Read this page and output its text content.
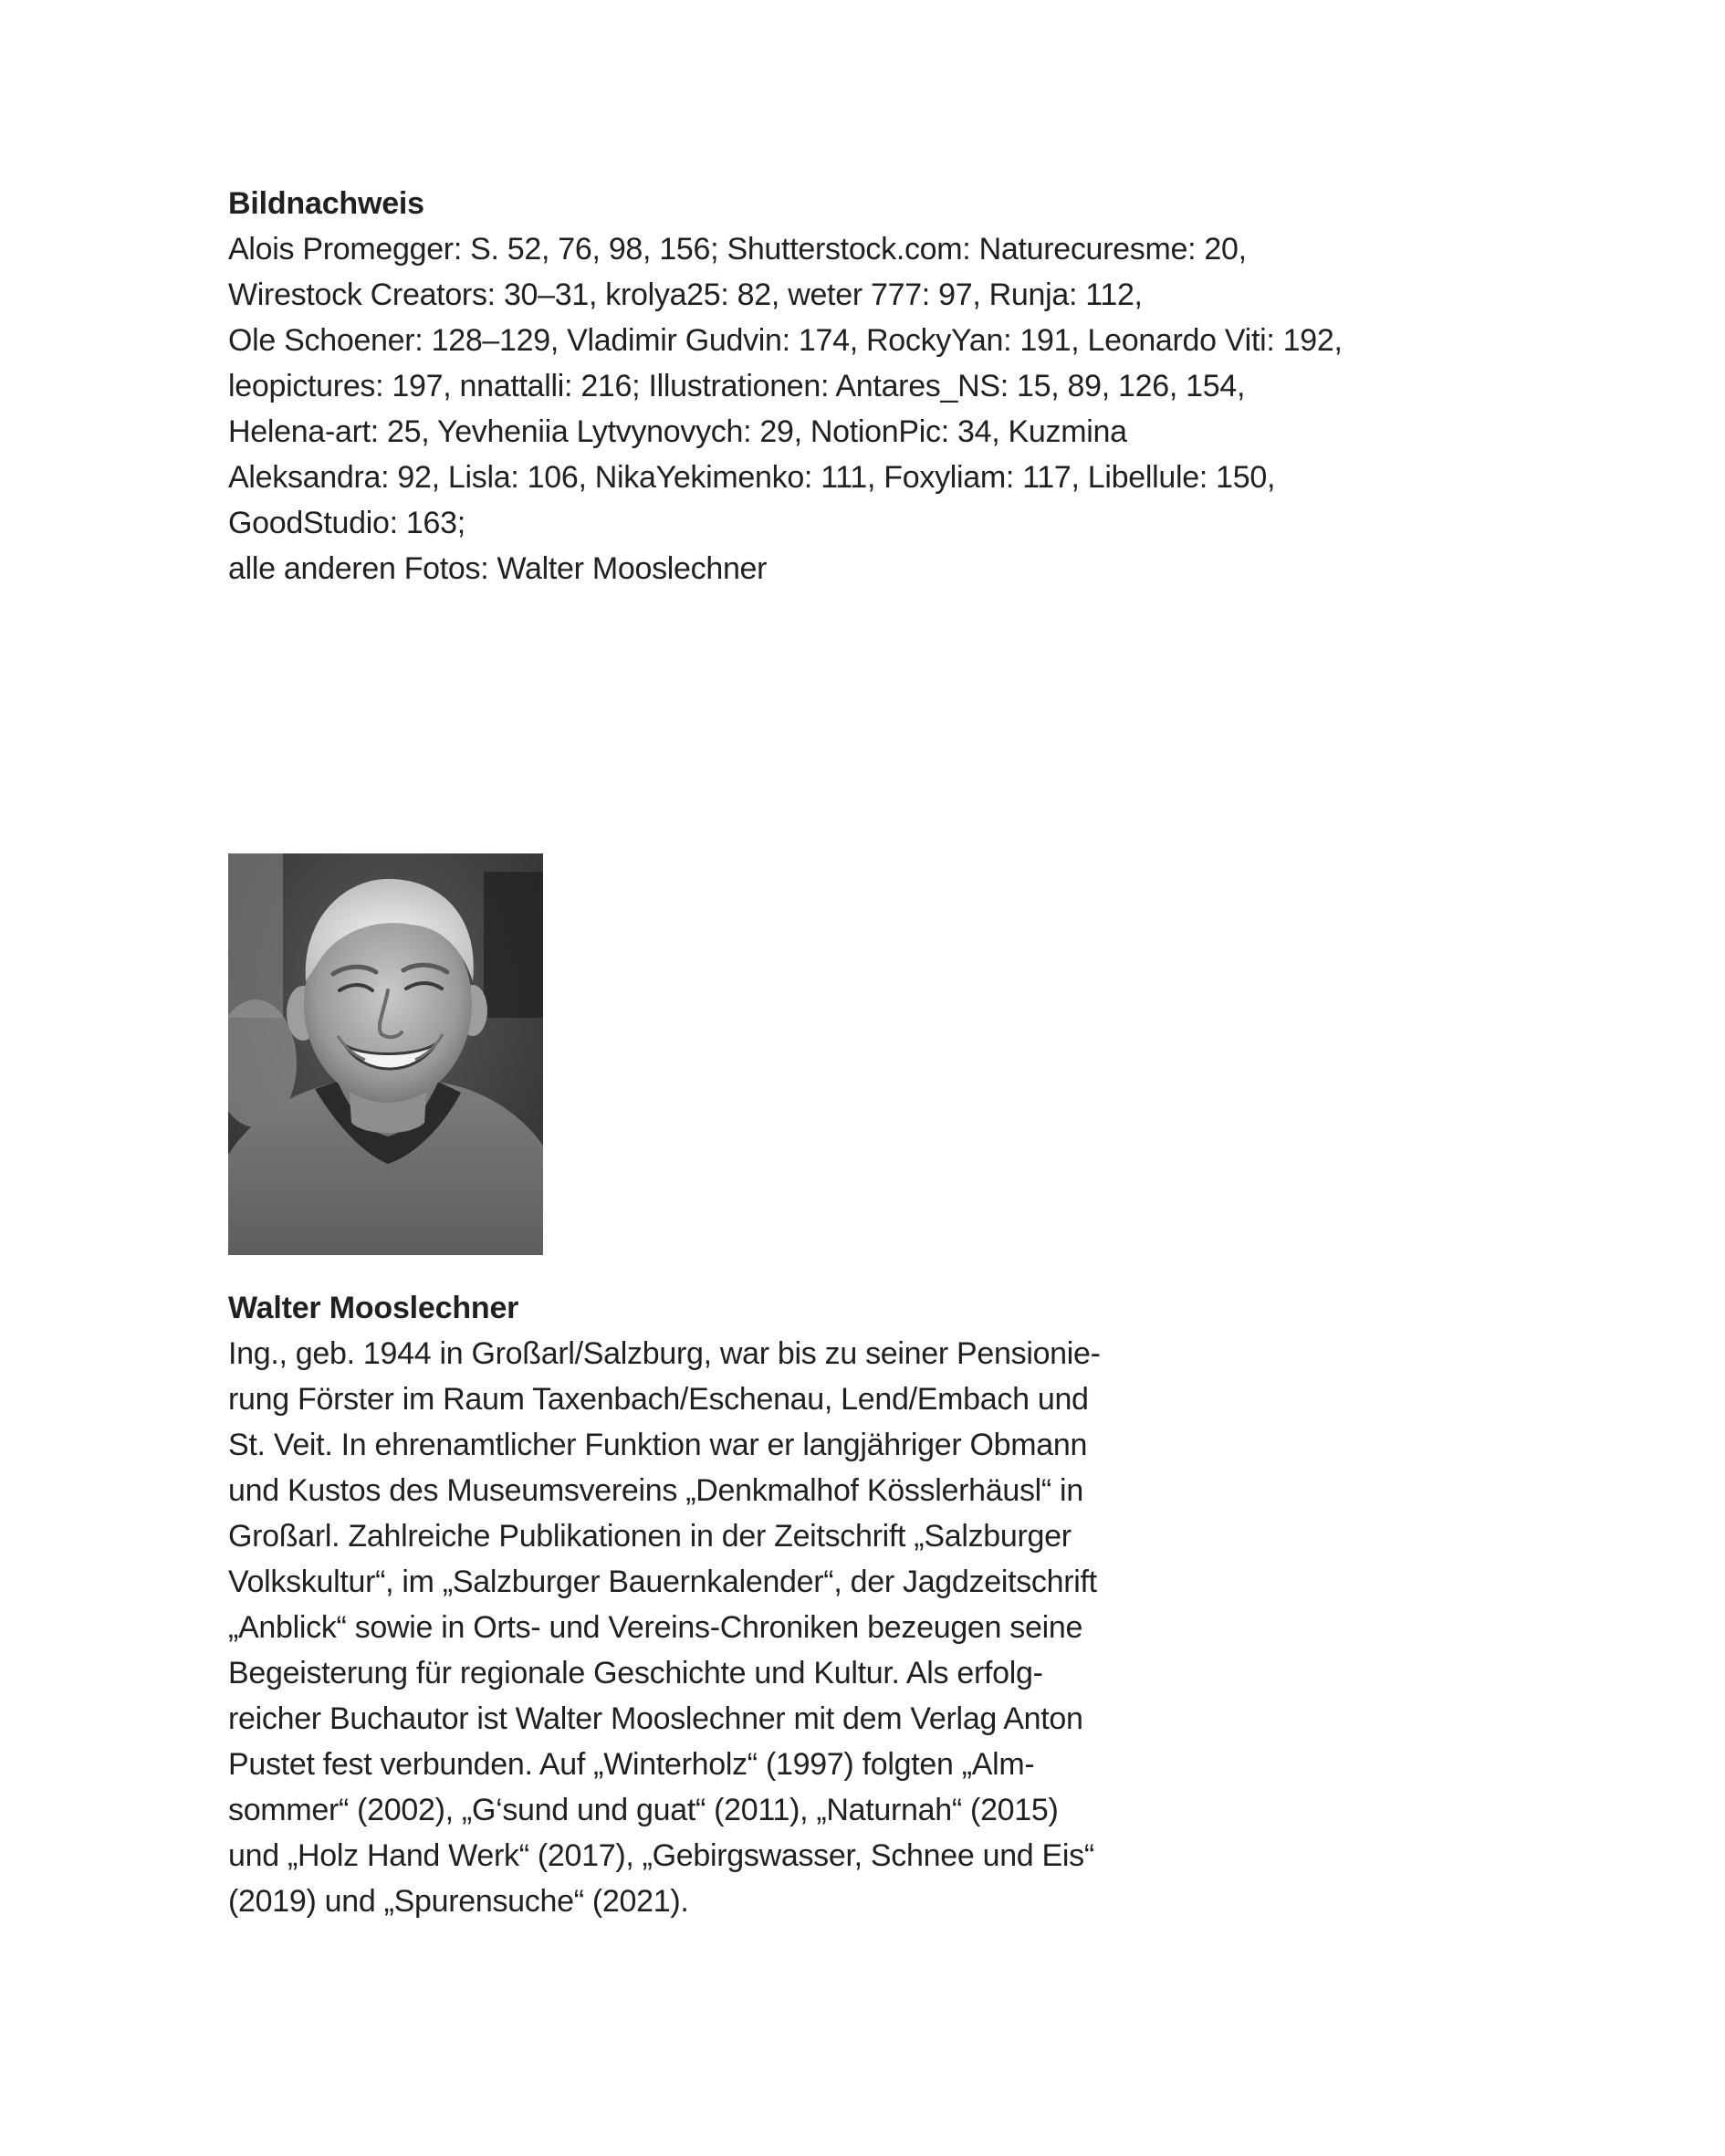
Bildnachweis
Alois Promegger: S. 52, 76, 98, 156; Shutterstock.com: Naturecuresme: 20,
Wirestock Creators: 30–31, krolya25: 82, weter 777: 97, Runja: 112,
Ole Schoener: 128–129, Vladimir Gudvin: 174, RockyYan: 191, Leonardo Viti: 192,
leopictures: 197, nnattalli: 216; Illustrationen: Antares_NS: 15, 89, 126, 154,
Helena-art: 25, Yevheniia Lytvynovych: 29, NotionPic: 34, Kuzmina
Aleksandra: 92, Lisla: 106, NikaYekimenko: 111, Foxyliam: 117, Libellule: 150,
GoodStudio: 163;
alle anderen Fotos: Walter Mooslechner
Walter Mooslechner
Ing., geb. 1944 in Großarl/Salzburg, war bis zu seiner Pensionie-
rung Förster im Raum Taxenbach/Eschenau, Lend/Embach und
St. Veit. In ehrenamtlicher Funktion war er langjähriger Obmann
und Kustos des Museumsvereins „Denkmalhof Kösslerhäusl“ in
Großarl. Zahlreiche Publikationen in der Zeitschrift „Salzburger
Volkskultur“, im „Salzburger Bauernkalender“, der Jagdzeitschrift
„Anblick“ sowie in Orts- und Vereins-Chroniken bezeugen seine
Begeisterung für regionale Geschichte und Kultur. Als erfolg-
reicher Buchautor ist Walter Mooslechner mit dem Verlag Anton
Pustet fest verbunden. Auf „Winterholz“ (1997) folgten „Alm-
sommer“ (2002), „G‘sund und guat“ (2011), „Naturnah“ (2015)
und „Holz Hand Werk“ (2017), „Gebirgswasser, Schnee und Eis“
(2019) und „Spurensuche“ (2021).
